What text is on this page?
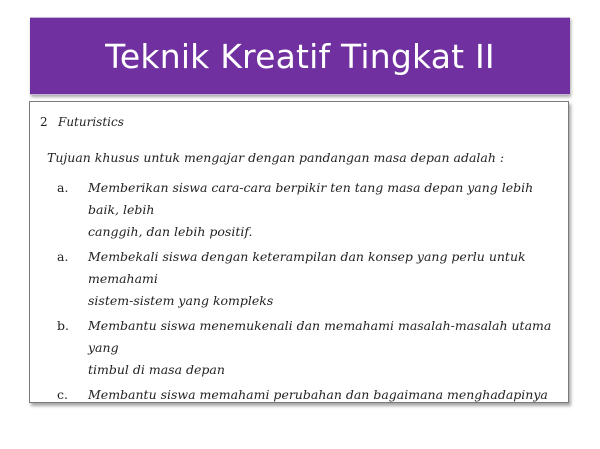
Teknik Kreatif Tingkat II
2 Futuristics
Tujuan khusus untuk mengajar dengan pandangan masa depan adalah :
a. Memberikan siswa cara-cara berpikir ten tang masa depan yang lebih baik, lebih
canggih, dan lebih positif.
a. Membekali siswa dengan keterampilan dan konsep yang perlu untuk memahami
sistem-sistem yang kompleks
b. Membantu siswa menemukenali dan memahami masalah-masalah utama yang
timbul di masa depan
c. Membantu siswa memahami perubahan dan bagaimana menghadapinya
